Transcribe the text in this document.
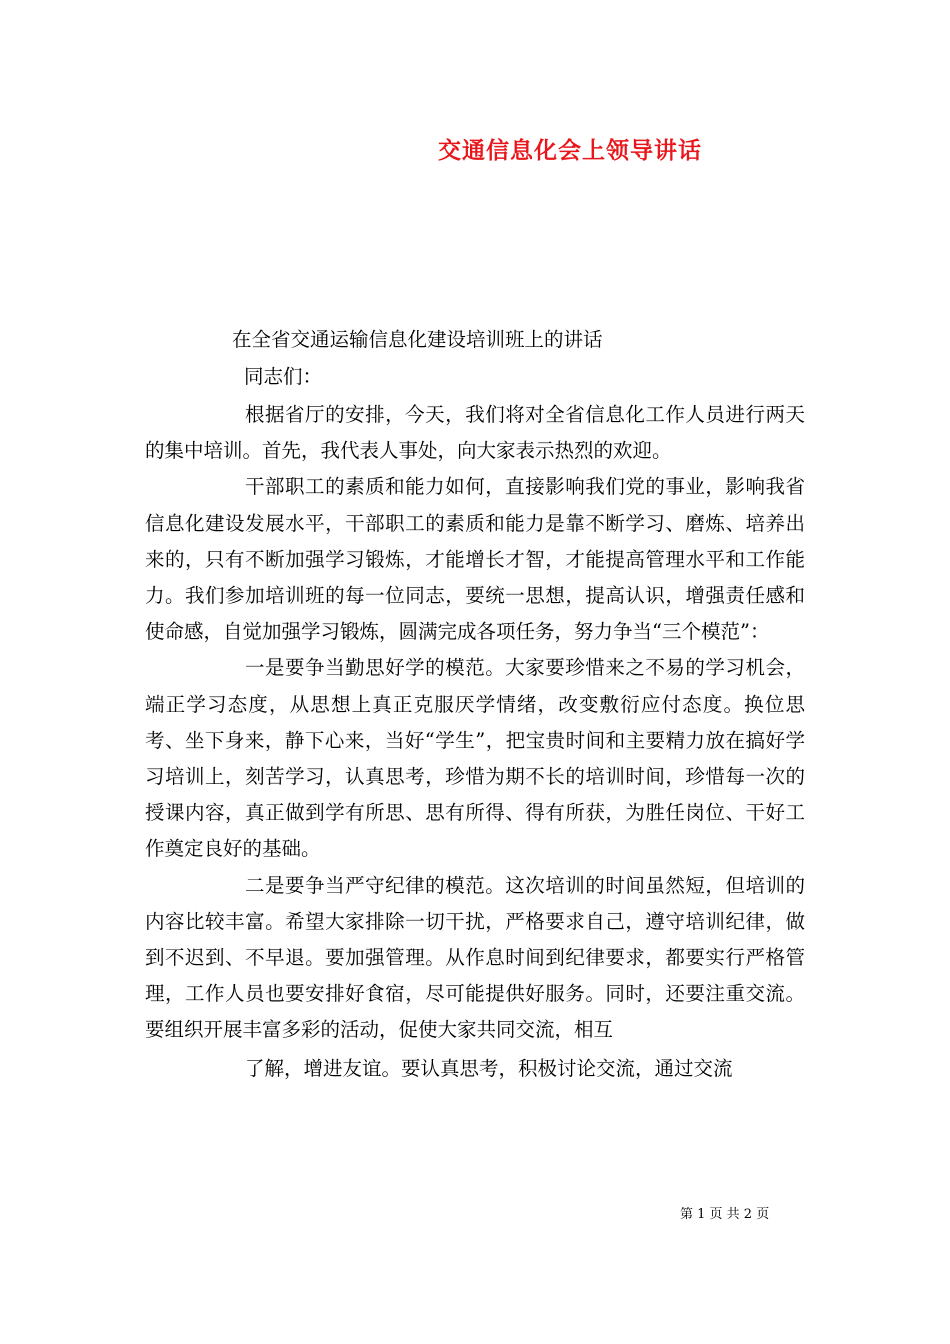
交通信息化会上领导讲话
在全省交通运输信息化建设培训班上的讲话
同志们：

根据省厅的安排，今天，我们将对全省信息化工作人员进行两天的集中培训。首先，我代表人事处，向大家表示热烈的欢迎。

干部职工的素质和能力如何，直接影响我们党的事业，影响我省信息化建设发展水平，干部职工的素质和能力是靠不断学习、磨炼、培养出来的，只有不断加强学习锻炼，才能增长才智，才能提高管理水平和工作能力。我们参加培训班的每一位同志，要统一思想，提高认识，增强责任感和使命感，自觉加强学习锻炼，圆满完成各项任务，努力争当“三个模范”：

一是要争当勤思好学的模范。大家要珍惜来之不易的学习机会，端正学习态度，从思想上真正克服厌学情绪，改变敷衍应付态度。换位思考、坐下身来，静下心来，当好“学生”，把宝贵时间和主要精力放在搞好学习培训上，刻苦学习，认真思考，珍惜为期不长的培训时间，珍惜每一次的授课内容，真正做到学有所思、思有所得、得有所获，为胜任岗位、干好工作奠定良好的基础。

二是要争当严守纪律的模范。这次培训的时间虽然短，但培训的内容比较丰富。希望大家排除一切干扰，严格要求自己，遵守培训纪律，做到不迟到、不早退。要加强管理。从作息时间到纪律要求，都要实行严格管理，工作人员也要安排好食宿，尽可能提供好服务。同时，还要注重交流。要组织开展丰富多彩的活动，促使大家共同交流，相互

了解，增进友谊。要认真思考，积极讨论交流，通过交流

第 1 页 共 2 页
